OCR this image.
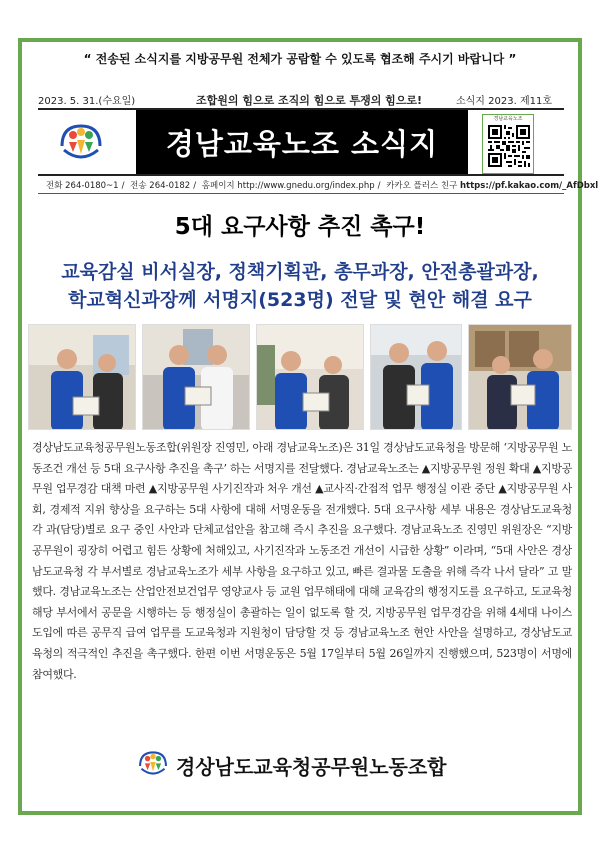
“ 전송된 소식지를 지방공무원 전체가 공람할 수 있도록 협조해 주시기 바랍니다 ”
2023. 5. 31.(수요일)	조합원의 힘으로 조직의 힘으로 투쟁의 힘으로!	소식지 2023. 제11호
경남교육노조 소식지
경남교육노조
전화 264-0180~1 / 전송 264-0182 / 홈페이지 http://www.gnedu.org/index.php / 카카오 플러스 친구 https://pf.kakao.com/_AfDbxl
5대 요구사항 추진 촉구!
교육감실 비서실장, 정책기획관, 총무과장, 안전총괄과장,
학교혁신과장께 서명지(523명) 전달 및 현안 해결 요구
경상남도교육청공무원노동조합(위원장 진영민, 아래 경남교육노조)은 31일 경상남도교육청을 방문해 ‘지방공무원 노동조건 개선 등 5대 요구사항 추진을 촉구’ 하는 서명지를 전달했다. 경남교육노조는 ▲지방공무원 정원 확대 ▲지방공무원 업무경감 대책 마련 ▲지방공무원 사기진작과 처우 개선 ▲교사직·간접적 업무 행정실 이관 중단 ▲지방공무원 사회, 경제적 지위 향상을 요구하는 5대 사항에 대해 서명운동을 전개했다. 5대 요구사항 세부 내용은 경상남도교육청 각 과(담당)별로 요구 중인 사안과 단체교섭안을 참고해 즉시 추진을 요구했다. 경남교육노조 진영민 위원장은 “지방공무원이 굉장히 어렵고 힘든 상황에 처해있고, 사기진작과 노동조건 개선이 시급한 상황” 이라며, “5대 사안은 경상남도교육청 각 부서별로 경남교육노조가 세부 사항을 요구하고 있고, 빠른 결과물 도출을 위해 즉각 나서 달라” 고 말했다. 경남교육노조는 산업안전보건업무 영양교사 등 교원 업무해태에 대해 교육감의 행정지도를 요구하고, 도교육청 해당 부서에서 공문을 시행하는 등 행정실이 총괄하는 일이 없도록 할 것, 지방공무원 업무경감을 위해 4세대 나이스 도입에 따른 공무직 급여 업무를 도교육청과 지원청이 담당할 것 등 경남교육노조 현안 사안을 설명하고, 경상남도교육청의 적극적인 추진을 촉구했다. 한편 이번 서명운동은 5월 17일부터 5월 26일까지 진행했으며, 523명이 서명에 참여했다.
경상남도교육청공무원노동조합
